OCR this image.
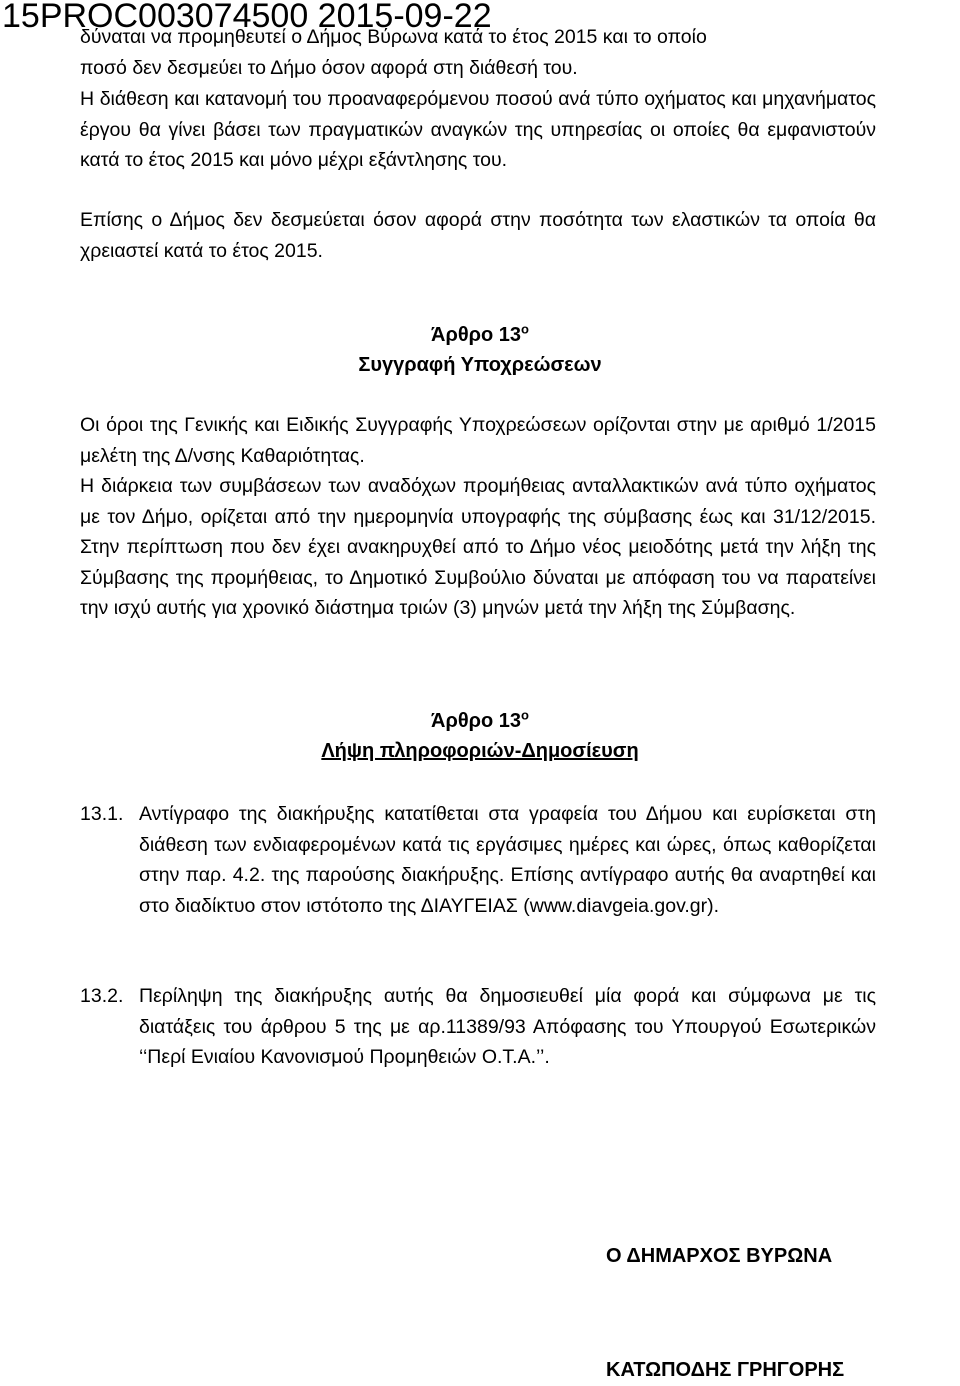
15PROC003074500 2015-09-22
δύναται να προμηθευτεί ο Δήμος Βύρωνα κατά το έτος 2015 και το οποίο
ποσό δεν δεσμεύει το Δήμο όσον αφορά στη διάθεσή του.
Η διάθεση και κατανομή του προαναφερόμενου ποσού ανά τύπο οχήματος και μηχανήματος έργου θα γίνει βάσει των πραγματικών αναγκών της υπηρεσίας οι οποίες θα εμφανιστούν κατά το έτος 2015 και μόνο μέχρι εξάντλησης του.
Επίσης ο Δήμος δεν δεσμεύεται όσον αφορά στην ποσότητα των ελαστικών τα οποία θα χρειαστεί κατά το έτος 2015.
Άρθρο $13^o$
Συγγραφή Υποχρεώσεων
Οι όροι της Γενικής και Ειδικής Συγγραφής Υποχρεώσεων ορίζονται στην με αριθμό 1/2015 μελέτη της Δ/νσης Καθαριότητας.
Η διάρκεια των συμβάσεων των αναδόχων προμήθειας ανταλλακτικών ανά τύπο οχήματος με τον Δήμο, ορίζεται από την ημερομηνία υπογραφής της σύμβασης έως και 31/12/2015. Στην περίπτωση που δεν έχει ανακηρυχθεί από το Δήμο νέος μειοδότης μετά την λήξη της Σύμβασης της προμήθειας, το Δημοτικό Συμβούλιο δύναται με απόφαση του να παρατείνει την ισχύ αυτής για χρονικό διάστημα τριών (3) μηνών μετά την λήξη της Σύμβασης.
Άρθρο $13^o$
Λήψη πληροφοριών-Δημοσίευση
13.1. Αντίγραφο της διακήρυξης κατατίθεται στα γραφεία του Δήμου και ευρίσκεται στη διάθεση των ενδιαφερομένων κατά τις εργάσιμες ημέρες και ώρες, όπως καθορίζεται στην παρ. 4.2. της παρούσης διακήρυξης. Επίσης αντίγραφο αυτής θα αναρτηθεί και στο διαδίκτυο στον ιστότοπο της ΔΙΑΥΓΕΙΑΣ (www.diavgeia.gov.gr).
13.2. Περίληψη της διακήρυξης αυτής θα δημοσιευθεί μία φορά και σύμφωνα με τις διατάξεις του άρθρου 5 της με αρ.11389/93 Απόφασης του Υπουργού Εσωτερικών ‘‘Περί Ενιαίου Κανονισμού Προμηθειών Ο.Τ.Α.’’.
Ο ΔΗΜΑΡΧΟΣ ΒΥΡΩΝΑ
ΚΑΤΩΠΟΔΗΣ ΓΡΗΓΟΡΗΣ
